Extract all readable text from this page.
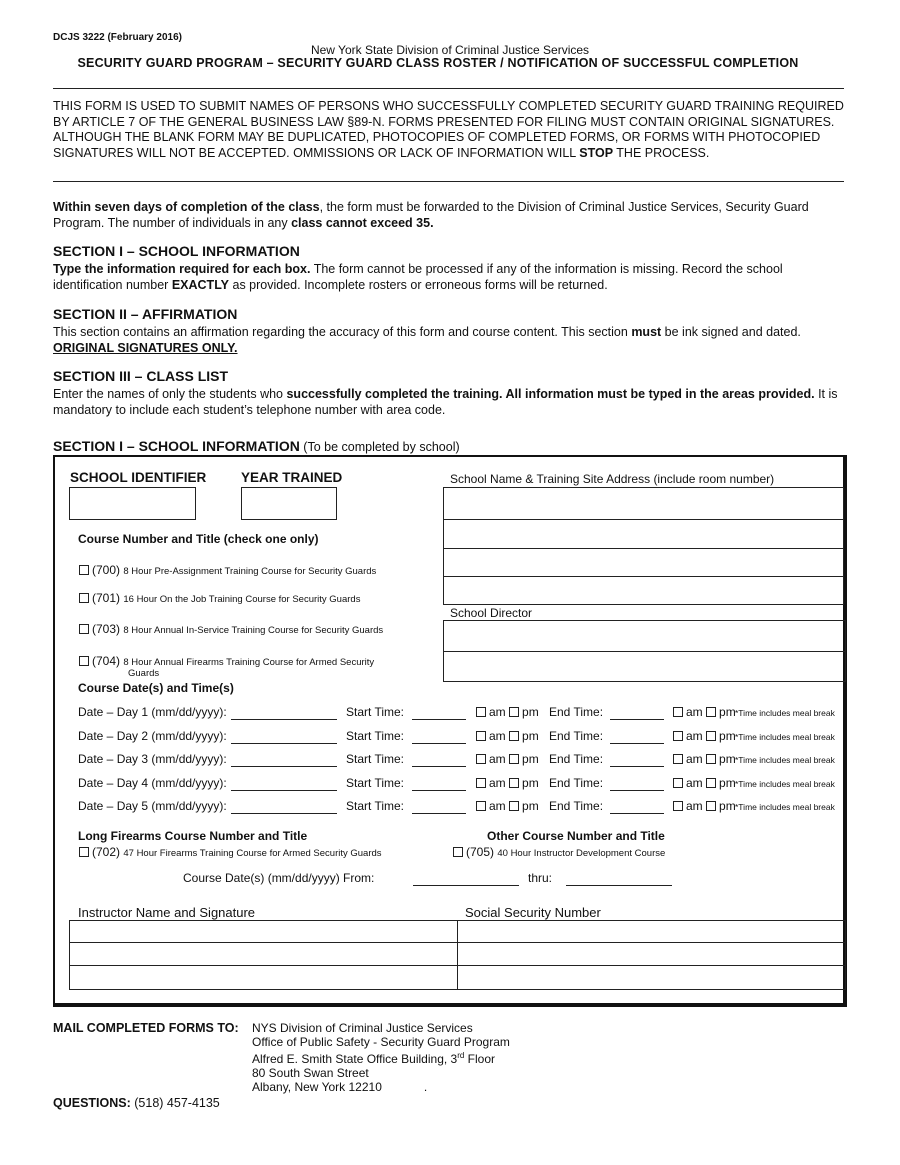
DCJS 3222 (February 2016)
New York State Division of Criminal Justice Services
SECURITY GUARD PROGRAM – SECURITY GUARD CLASS ROSTER / NOTIFICATION OF SUCCESSFUL COMPLETION
THIS FORM IS USED TO SUBMIT NAMES OF PERSONS WHO SUCCESSFULLY COMPLETED SECURITY GUARD TRAINING REQUIRED BY ARTICLE 7 OF THE GENERAL BUSINESS LAW §89-N. FORMS PRESENTED FOR FILING MUST CONTAIN ORIGINAL SIGNATURES. ALTHOUGH THE BLANK FORM MAY BE DUPLICATED, PHOTOCOPIES OF COMPLETED FORMS, OR FORMS WITH PHOTOCOPIED SIGNATURES WILL NOT BE ACCEPTED. OMMISSIONS OR LACK OF INFORMATION WILL STOP THE PROCESS.
Within seven days of completion of the class, the form must be forwarded to the Division of Criminal Justice Services, Security Guard Program. The number of individuals in any class cannot exceed 35.
SECTION I – SCHOOL INFORMATION
Type the information required for each box. The form cannot be processed if any of the information is missing. Record the school identification number EXACTLY as provided. Incomplete rosters or erroneous forms will be returned.
SECTION II – AFFIRMATION
This section contains an affirmation regarding the accuracy of this form and course content. This section must be ink signed and dated.
ORIGINAL SIGNATURES ONLY.
SECTION III – CLASS LIST
Enter the names of only the students who successfully completed the training. All information must be typed in the areas provided. It is mandatory to include each student’s telephone number with area code.
SECTION I – SCHOOL INFORMATION (To be completed by school)
SCHOOL IDENTIFIER	YEAR TRAINED	School Name & Training Site Address (include room number)
School Director
Course Number and Title (check one only)
(700) 8 Hour Pre-Assignment Training Course for Security Guards
(701) 16 Hour On the Job Training Course for Security Guards
(703) 8 Hour Annual In-Service Training Course for Security Guards
(704) 8 Hour Annual Firearms Training Course for Armed Security
Guards
Course Date(s) and Time(s)
Date – Day 1 (mm/dd/yyyy):	Start Time:	am pm End Time:	am pm *Time includes meal break
Date – Day 2 (mm/dd/yyyy):	Start Time:	am pm End Time:	am pm *Time includes meal break
Date – Day 3 (mm/dd/yyyy):	Start Time:	am pm End Time:	am pm *Time includes meal break
Date – Day 4 (mm/dd/yyyy):	Start Time:	am pm End Time:	am pm *Time includes meal break
Date – Day 5 (mm/dd/yyyy):	Start Time:	am pm End Time:	am pm *Time includes meal break
Long Firearms Course Number and Title
(702) 47 Hour Firearms Training Course for Armed Security Guards
Other Course Number and Title
(705) 40 Hour Instructor Development Course
Course Date(s) (mm/dd/yyyy) From:	thru:
Instructor Name and Signature	Social Security Number
MAIL COMPLETED FORMS TO: NYS Division of Criminal Justice Services
Office of Public Safety - Security Guard Program
Alfred E. Smith State Office Building, 3rd Floor
80 South Swan Street
Albany, New York 12210	.
QUESTIONS: (518) 457-4135
